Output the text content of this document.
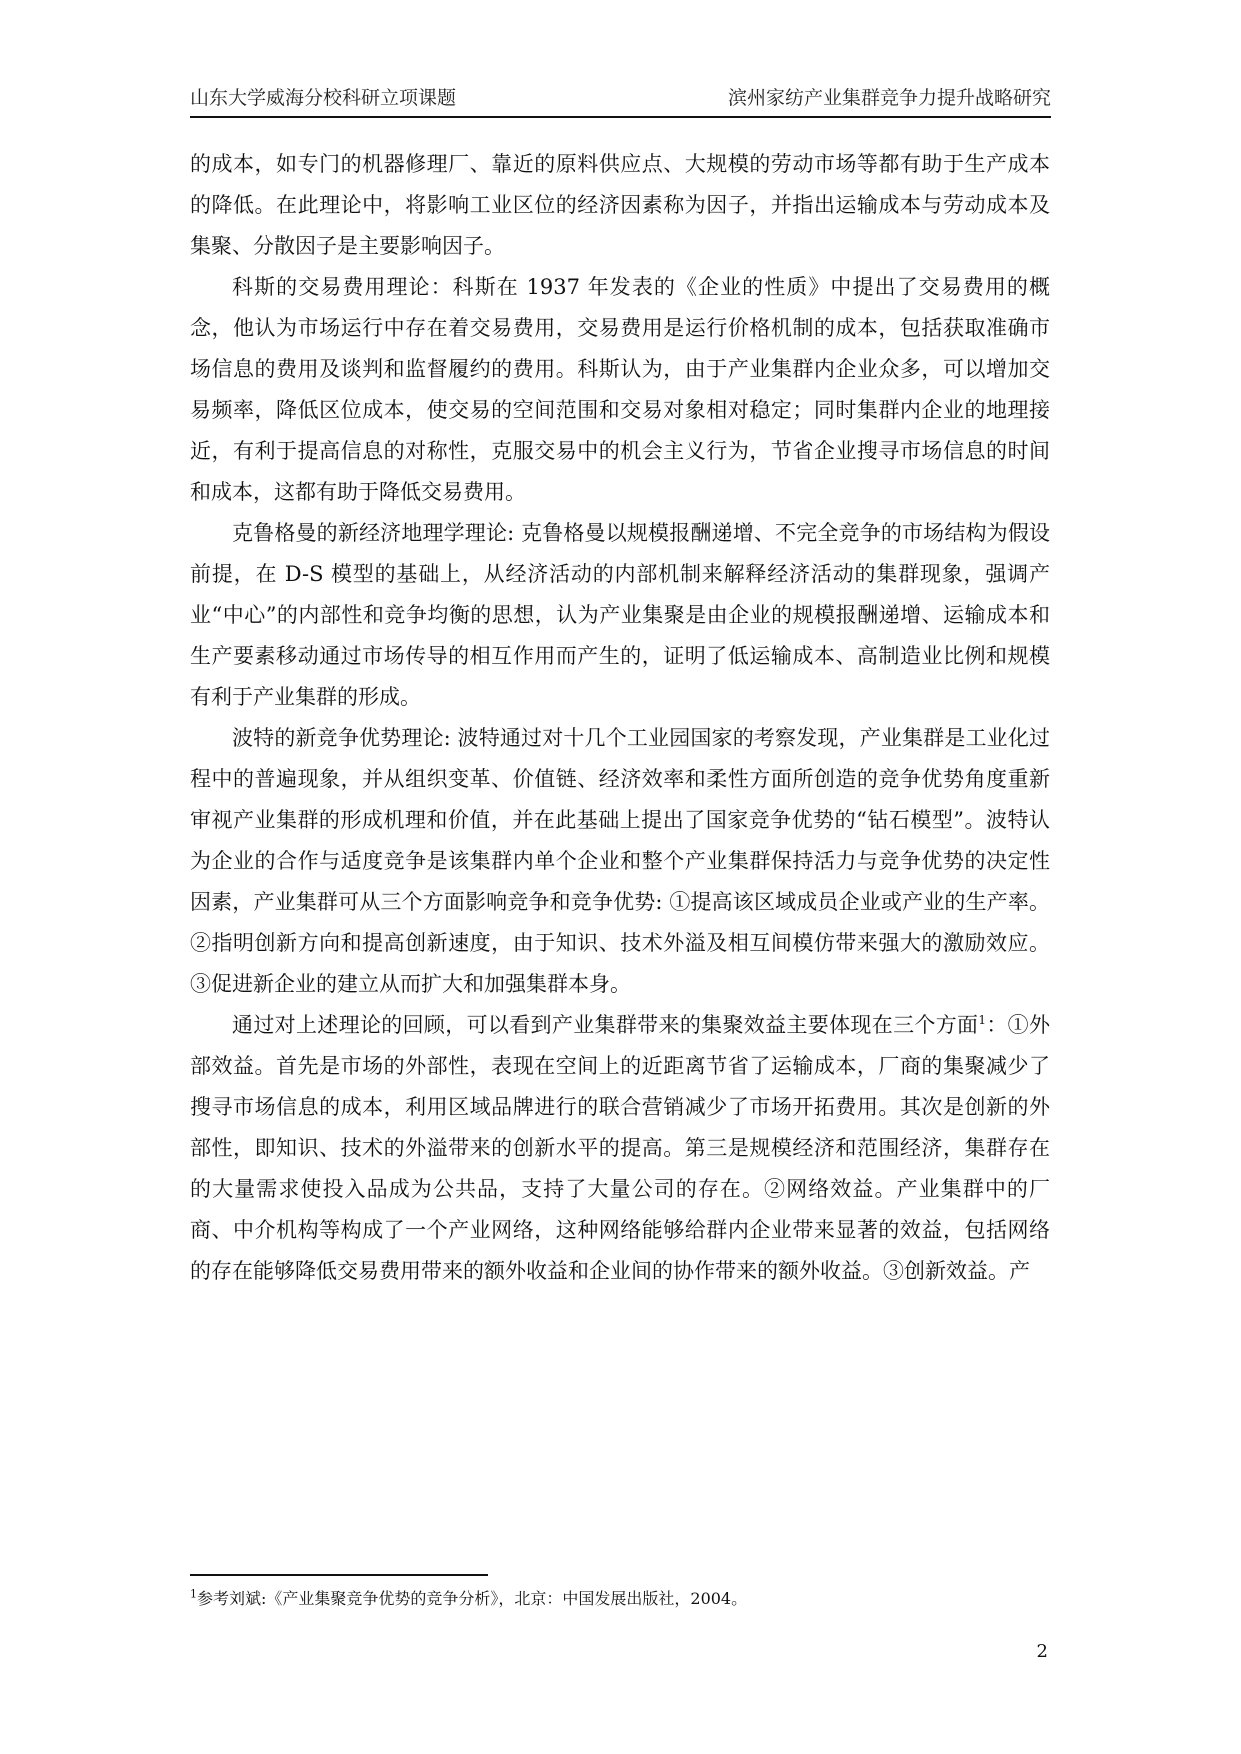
山东大学威海分校科研立项课题	滨州家纺产业集群竞争力提升战略研究

的成本，如专门的机器修理厂、靠近的原料供应点、大规模的劳动市场等都有助于生产成本的降低。在此理论中，将影响工业区位的经济因素称为因子，并指出运输成本与劳动成本及集聚、分散因子是主要影响因子。

科斯的交易费用理论：科斯在 1937 年发表的《企业的性质》中提出了交易费用的概念，他认为市场运行中存在着交易费用，交易费用是运行价格机制的成本，包括获取准确市场信息的费用及谈判和监督履约的费用。科斯认为，由于产业集群内企业众多，可以增加交易频率，降低区位成本，使交易的空间范围和交易对象相对稳定；同时集群内企业的地理接近，有利于提高信息的对称性，克服交易中的机会主义行为，节省企业搜寻市场信息的时间和成本，这都有助于降低交易费用。

克鲁格曼的新经济地理学理论: 克鲁格曼以规模报酬递增、不完全竞争的市场结构为假设前提，在 D-S 模型的基础上，从经济活动的内部机制来解释经济活动的集群现象，强调产业“中心”的内部性和竞争均衡的思想，认为产业集聚是由企业的规模报酬递增、运输成本和生产要素移动通过市场传导的相互作用而产生的，证明了低运输成本、高制造业比例和规模有利于产业集群的形成。

波特的新竞争优势理论: 波特通过对十几个工业园国家的考察发现，产业集群是工业化过程中的普遍现象，并从组织变革、价值链、经济效率和柔性方面所创造的竞争优势角度重新审视产业集群的形成机理和价值，并在此基础上提出了国家竞争优势的“钻石模型”。波特认为企业的合作与适度竞争是该集群内单个企业和整个产业集群保持活力与竞争优势的决定性因素，产业集群可从三个方面影响竞争和竞争优势: ①提高该区域成员企业或产业的生产率。②指明创新方向和提高创新速度，由于知识、技术外溢及相互间模仿带来强大的激励效应。③促进新企业的建立从而扩大和加强集群本身。

通过对上述理论的回顾，可以看到产业集群带来的集聚效益主要体现在三个方面$^1$：①外部效益。首先是市场的外部性，表现在空间上的近距离节省了运输成本，厂商的集聚减少了搜寻市场信息的成本，利用区域品牌进行的联合营销减少了市场开拓费用。其次是创新的外部性，即知识、技术的外溢带来的创新水平的提高。第三是规模经济和范围经济，集群存在的大量需求使投入品成为公共品，支持了大量公司的存在。②网络效益。产业集群中的厂商、中介机构等构成了一个产业网络，这种网络能够给群内企业带来显著的效益，包括网络的存在能够降低交易费用带来的额外收益和企业间的协作带来的额外收益。③创新效益。产

$^1$参考刘斌:《产业集聚竞争优势的竞争分析》，北京：中国发展出版社，2004。
2
